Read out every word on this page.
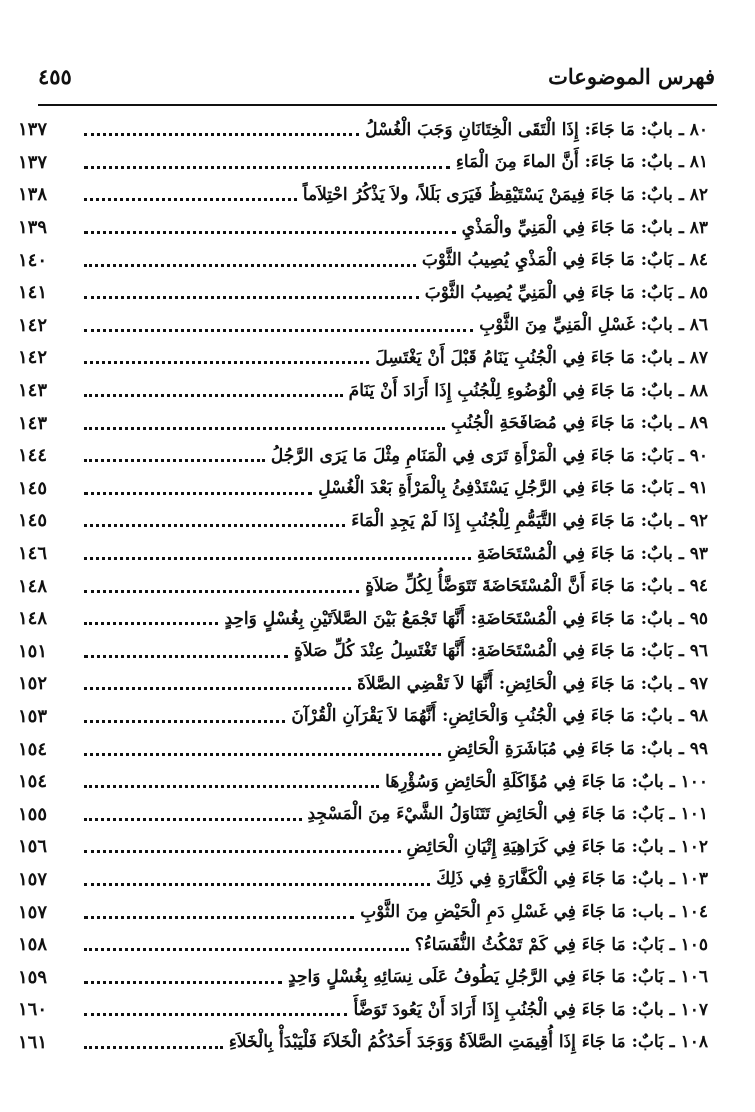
فهرس الموضوعات
٤٥٥
٨٠ ـ بابٌ: مَا جَاءَ: إِذَا الْتَقَى الْخِتَانَانِ وَجَبَ الْغُسْلُ
١٣٧
٨١ ـ بابٌ: مَا جَاءَ: أَنَّ الماءَ مِنَ الْمَاءِ
١٣٧
٨٢ ـ بابٌ: مَا جَاءَ فِيمَنْ يَسْتَيْقِظُ فَيَرَى بَلَلاً، ولاَ يَذْكُرُ احْتِلاَماً
١٣٨
٨٣ ـ بابٌ: مَا جَاءَ فِي الْمَنِيِّ والْمَذْيِ
١٣٩
٨٤ ـ بَابٌ: مَا جَاءَ فِي الْمَذْيِ يُصِيبُ الثَّوْبَ
١٤٠
٨٥ ـ بَابٌ: مَا جَاءَ فِي الْمَنِيِّ يُصِيبُ الثَّوْبَ
١٤١
٨٦ ـ بابٌ: غَسْلِ الْمَنِيِّ مِنَ الثَّوْبِ
١٤٢
٨٧ ـ بابٌ: مَا جَاءَ فِي الْجُنُبِ يَنَامُ قَبْلَ أَنْ يَغْتَسِلَ
١٤٢
٨٨ ـ بابٌ: مَا جَاءَ فِي الْوُضُوءِ لِلْجُنُبِ إِذَا أَرَادَ أَنْ يَنَامَ
١٤٣
٨٩ ـ بابٌ: مَا جَاءَ فِي مُصَافَحَةِ الْجُنُبِ
١٤٣
٩٠ ـ بَابٌ: مَا جَاءَ فِي الْمَرْأَةِ تَرَى فِي الْمَنَامِ مِثْلَ مَا يَرَى الرَّجُلُ
١٤٤
٩١ ـ بَابٌ: مَا جَاءَ فِي الرَّجُلِ يَسْتَدْفِئُ بِالْمَرْأَةِ بَعْدَ الْغُسْلِ
١٤٥
٩٢ ـ بابٌ: مَا جَاءَ فِي التَّيَمُّمِ لِلْجُنُبِ إِذَا لَمْ يَجِدِ الْمَاءَ
١٤٥
٩٣ ـ بابٌ: مَا جَاءَ فِي الْمُسْتَحَاضَةِ
١٤٦
٩٤ ـ بابٌ: مَا جَاءَ أَنَّ الْمُسْتَحَاضَةَ تَتَوَضَّأُ لِكُلِّ صَلاَةٍ
١٤٨
٩٥ ـ بابٌ: مَا جَاءَ فِي الْمُسْتَحَاضَةِ: أَنَّهَا تَجْمَعُ بَيْنَ الصَّلاَتَيْنِ بِغُسْلٍ وَاحِدٍ
١٤٨
٩٦ ـ بَابٌ: مَا جَاءَ فِي الْمُسْتَحَاضَةِ: أَنَّهَا تَغْتَسِلُ عِنْدَ كُلِّ صَلاَةٍ
١٥١
٩٧ ـ بابٌ: مَا جَاءَ فِي الْحَائِضِ: أَنَّهَا لاَ تَقْضِي الصَّلاَةَ
١٥٢
٩٨ ـ بابٌ: مَا جَاءَ فِي الْجُنُبِ وَالْحَائِضِ: أَنَّهُمَا لاَ يَقْرَآنِ الْقُرْآنَ
١٥٣
٩٩ ـ بابٌ: مَا جَاءَ فِي مُبَاشَرَةِ الْحَائِضِ
١٥٤
١٠٠ ـ بابٌ: مَا جَاءَ فِي مُؤَاكَلَةِ الْحَائِضِ وَسُؤْرِهَا
١٥٤
١٠١ ـ بَابٌ: مَا جَاءَ فِي الْحَائِضِ تَتَنَاوَلُ الشَّيْءَ مِنَ الْمَسْجِدِ
١٥٥
١٠٢ ـ بابٌ: مَا جَاءَ فِي كَرَاهِيَةِ إِتْيَانِ الْحَائِضِ
١٥٦
١٠٣ ـ بابٌ: مَا جَاءَ فِي الْكَفَّارَةِ فِي ذَلِكَ
١٥٧
١٠٤ ـ باب: مَا جَاءَ فِي غَسْلِ دَمِ الْحَيْضِ مِنَ الثَّوْبِ
١٥٧
١٠٥ ـ بَابٌ: مَا جَاءَ فِي كَمْ تَمْكُثُ النُّفَسَاءُ؟
١٥٨
١٠٦ ـ بَابٌ: مَا جَاءَ فِي الرَّجُلِ يَطُوفُ عَلَى نِسَائِهِ بِغُسْلٍ وَاحِدٍ
١٥٩
١٠٧ ـ بابٌ: مَا جَاءَ فِي الْجُنُبِ إِذَا أَرَادَ أَنْ يَعُودَ تَوَضَّأَ
١٦٠
١٠٨ ـ بَابٌ: مَا جَاءَ إِذَا أُقِيمَتِ الصَّلاَةُ وَوَجَدَ أَحَدُكُمُ الْخَلاَءَ فَلْيَبْدَأْ بِالْخَلاَءِ
١٦١
